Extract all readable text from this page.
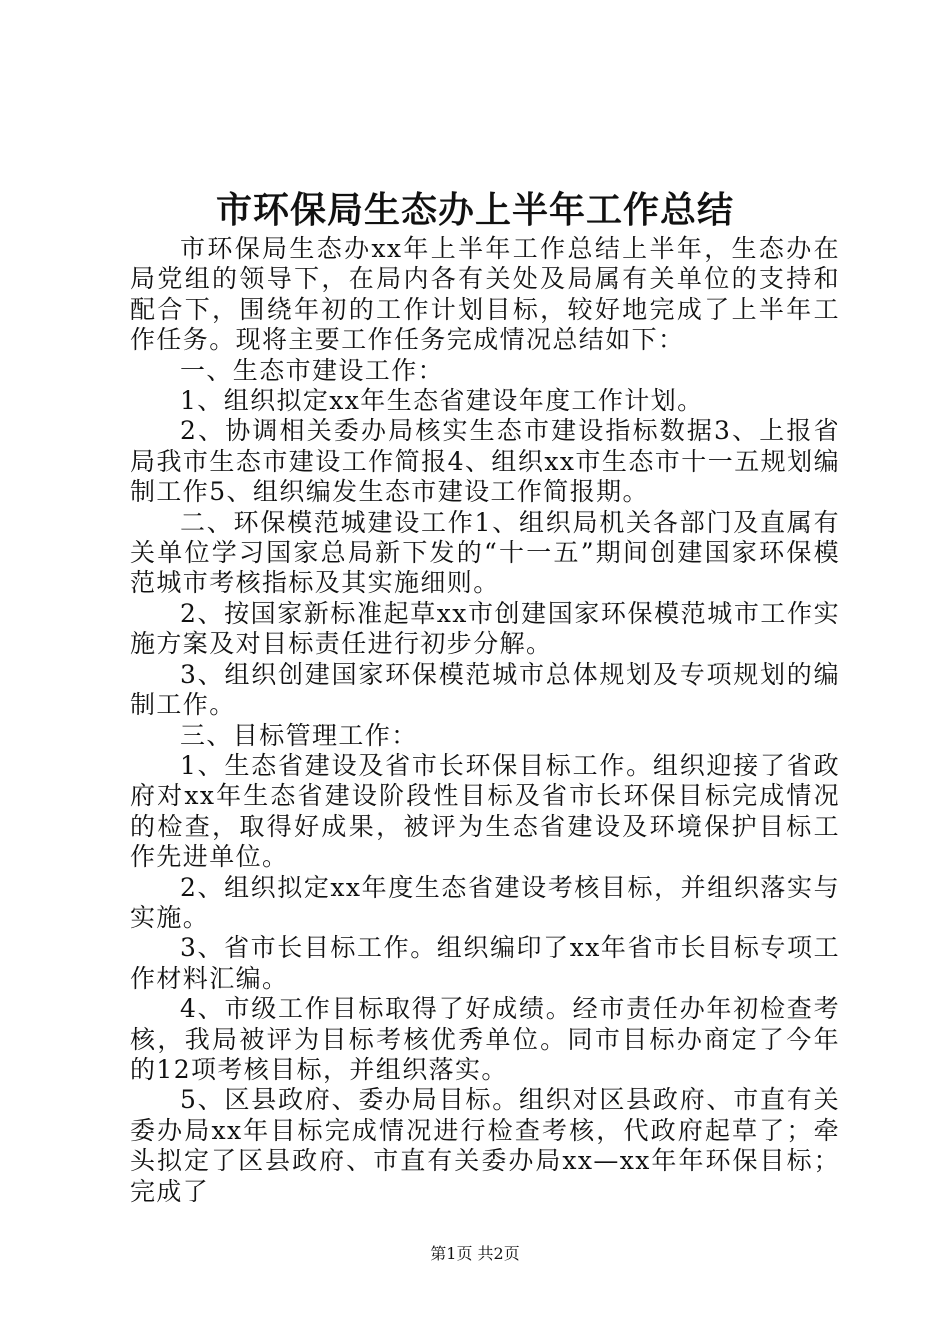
市环保局生态办上半年工作总结

市环保局生态办xx年上半年工作总结上半年，生态办在局党组的领导下，在局内各有关处及局属有关单位的支持和配合下，围绕年初的工作计划目标，较好地完成了上半年工作任务。现将主要工作任务完成情况总结如下：

一、生态市建设工作：

1、组织拟定xx年生态省建设年度工作计划。

2、协调相关委办局核实生态市建设指标数据3、上报省局我市生态市建设工作简报4、组织xx市生态市十一五规划编制工作5、组织编发生态市建设工作简报期。

二、环保模范城建设工作1、组织局机关各部门及直属有关单位学习国家总局新下发的“十一五”期间创建国家环保模范城市考核指标及其实施细则。

2、按国家新标准起草xx市创建国家环保模范城市工作实施方案及对目标责任进行初步分解。

3、组织创建国家环保模范城市总体规划及专项规划的编制工作。

三、目标管理工作：

1、生态省建设及省市长环保目标工作。组织迎接了省政府对xx年生态省建设阶段性目标及省市长环保目标完成情况的检查，取得好成果，被评为生态省建设及环境保护目标工作先进单位。

2、组织拟定xx年度生态省建设考核目标，并组织落实与实施。

3、省市长目标工作。组织编印了xx年省市长目标专项工作材料汇编。

4、市级工作目标取得了好成绩。经市责任办年初检查考核，我局被评为目标考核优秀单位。同市目标办商定了今年的12项考核目标，并组织落实。

5、区县政府、委办局目标。组织对区县政府、市直有关委办局xx年目标完成情况进行检查考核，代政府起草了；牵头拟定了区县政府、市直有关委办局xx—xx年年环保目标；完成了

第1页 共2页
